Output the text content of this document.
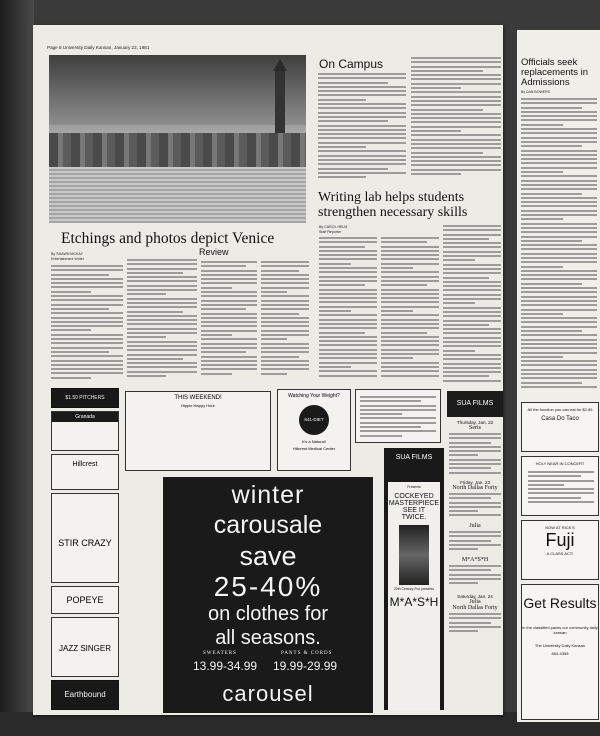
Page 8 University Daily Kansan, January 22, 1981
Etchings and photos depict Venice
By SHAWN MCKAY
Entertainment Writer
Review
On Campus
Writing lab helps students strengthen necessary skills
By CAROL HELM
Staff Reporter
$1.50 PITCHERS
Granada
Hillcrest
STIR CRAZY
POPEYE
JAZZ SINGER
Earthbound
THIS WEEKEND!
Hippie Happy Hour
Watching Your Weight?
841-DIET
It's a Natural!
Hillcrest Medical Center
winter
carousale
save
25-40%
on clothes for
all seasons.
SWEATERS	PANTS & CORDS
13.99-34.99 19.99-29.99
carousel
SUA FILMS
Presents
COCKEYED
MASTERPIECE
SEE IT
TWICE.
20th Century-Fox presents
M*A*S*H
SUA FILMS
Thursday, Jan. 22
Serts
Friday, Jan. 23
North Dallas Forty
Julia
M*A*S*H
Saturday, Jan. 24
Julia
North Dallas Forty
Officials seek replacements in Admissions
By DAN BOWERS
All the function you can eat for $2.85
Casa Do Taco
HOLY NEAR IN CONCERT
NOW AT RICK'S
Fuji
A CLASS ACT!
Get Results
in the classified packs our community daily kansan
The University Daily Kansan
864-4358
